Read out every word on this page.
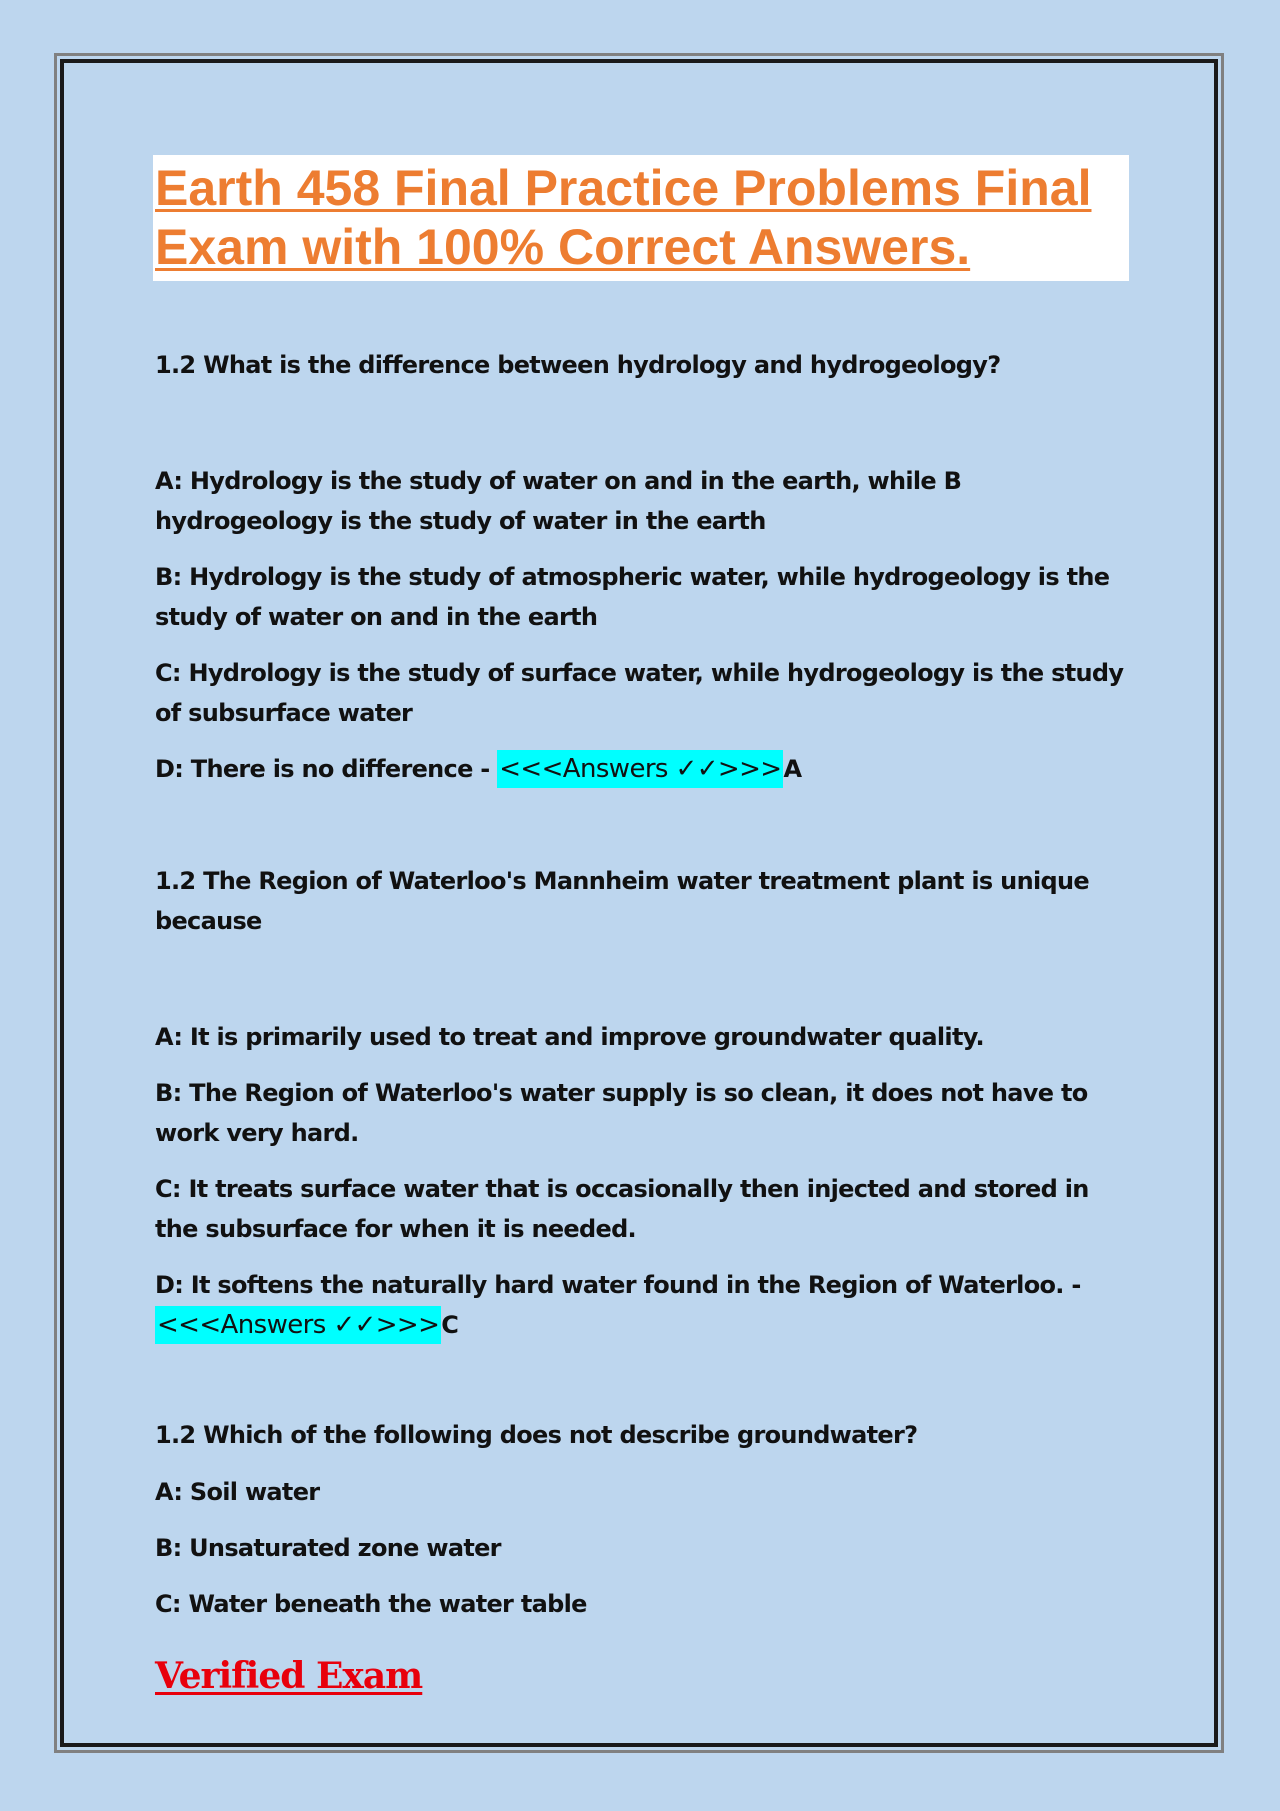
Earth 458 Final Practice Problems Final Exam with 100% Correct Answers.

1.2 What is the difference between hydrology and hydrogeology?

A: Hydrology is the study of water on and in the earth, while B hydrogeology is the study of water in the earth

B: Hydrology is the study of atmospheric water, while hydrogeology is the study of water on and in the earth

C: Hydrology is the study of surface water, while hydrogeology is the study of subsurface water

D: There is no difference - <<<Answers ✓✓>>>A

1.2 The Region of Waterloo's Mannheim water treatment plant is unique because

A: It is primarily used to treat and improve groundwater quality.

B: The Region of Waterloo's water supply is so clean, it does not have to work very hard.

C: It treats surface water that is occasionally then injected and stored in the subsurface for when it is needed.

D: It softens the naturally hard water found in the Region of Waterloo. -
<<<Answers ✓✓>>>C

1.2 Which of the following does not describe groundwater?

A: Soil water

B: Unsaturated zone water

C: Water beneath the water table

Verified Exam
